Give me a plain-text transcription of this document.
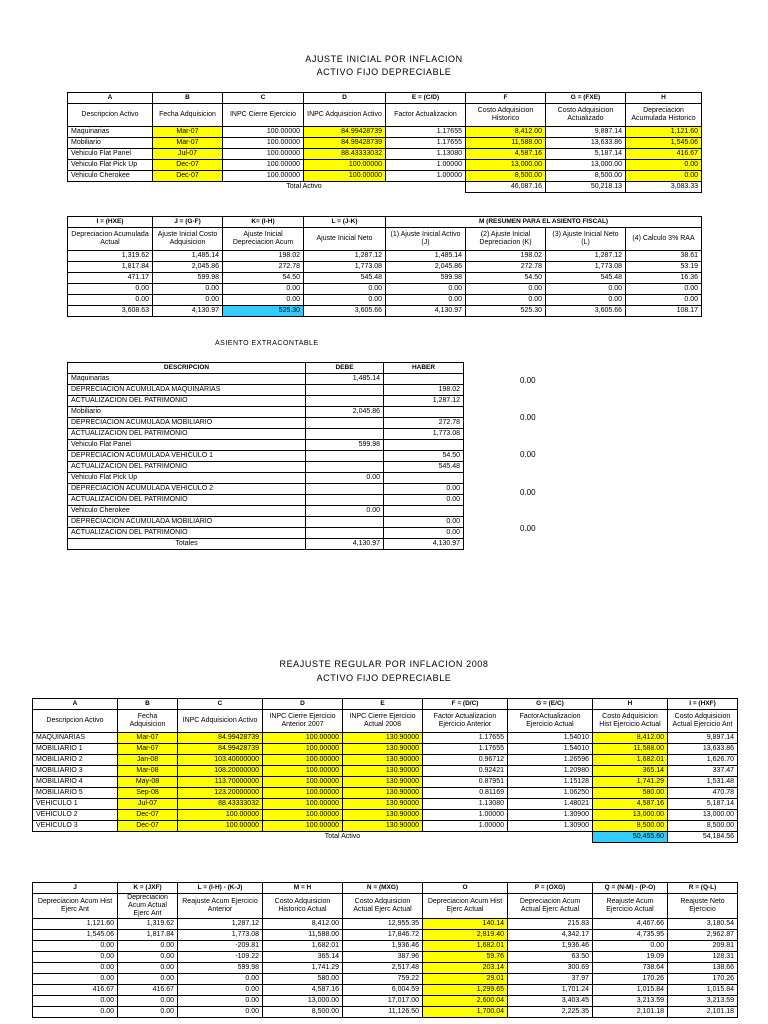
AJUSTE INICIAL POR INFLACION
ACTIVO FIJO DEPRECIABLE
A	B	C	D	E = (C/D)	F	G = (FXE)	H
Descripcion Activo	Fecha Adquisicion	INPC Cierre Ejercicio	INPC Adquisicion Activo	Factor Actualizacion	Costo Adquisicion Historico	Costo Adquisicion Actualizado	Depreciacion Acumulada Historico
Maquinarias	Mar-07	100.00000	84.99428739	1.17655	8,412.00	9,897.14	1,121.60
Mobiliario	Mar-07	100.00000	84.99428739	1.17655	11,588.00	13,633.86	1,545.06
Vehiculo Flat Panel	Jul-07	100.00000	88.43333032	1.13080	4,587.16	5,187.14	416.67
Vehiculo Flat Pick Up	Dec-07	100.00000	100.00000	1.00000	13,000.00	13,000.00	0.00
Vehiculo Cherokee	Dec-07	100.00000	100.00000	1.00000	8,500.00	8,500.00	0.00
		Total Activo			46,087.16	50,218.13	3,083.33
I = (HXE)	J = (G-F)	K= (I-H)	L = (J-K)	M (RESUMEN PARA EL ASIENTO FISCAL)			
Depreciacion Acumulada Actual	Ajuste Inicial Costo Adquisicion	Ajuste Inicial Depreciacion Acum	Ajuste Inicial Neto	(1) Ajuste Inicial Activo (J)	(2) Ajuste Inicial Depreciacion (K)	(3) Ajuste Inicial Neto (L)	(4) Calculo 3% RAA
1,319.62	1,485.14	198.02	1,287.12	1,485.14	198.02	1,287.12	38.61
1,817.84	2,045.86	272.78	1,773.08	2,045.86	272.78	1,773.08	53.19
471.17	599.98	54.50	545.48	599.98	54.50	545.48	16.36
0.00	0.00	0.00	0.00	0.00	0.00	0.00	0.00
0.00	0.00	0.00	0.00	0.00	0.00	0.00	0.00
3,608.63	4,130.97	525.30	3,605.66	4,130.97	525.30	3,605.66	108.17
ASIENTO EXTRACONTABLE
DESCRIPCION	DEBE	HABER
Maquinarias	1,485.14	
DEPRECIACION ACUMULADA MAQUINARIAS		198.02
ACTUALIZACION DEL PATRIMONIO		1,287.12
Mobiliario	2,045.86	
DEPRECIACION ACUMULADA MOBILIARIO		272.78
ACTUALIZACION DEL PATRIMONIO		1,773.08
Vehiculo Flat Panel	599.98	
DEPRECIACION ACUMULADA VEHICULO 1		54.50
ACTUALIZACION DEL PATRIMONIO		545.48
Vehiculo Flat Pick Up	0.00	
DEPRECIACION ACUMULADA VEHICULO 2		0.00
ACTUALIZACION DEL PATRIMONIO		0.00
Vehiculo Cherokee	0.00	
DEPRECIACION ACUMULADA MOBILIARIO		0.00
ACTUALIZACION DEL PATRIMONIO		0.00
Totales	4,130.97	4,130.97
0.00
0.00
0.00
0.00
0.00
REAJUSTE REGULAR POR INFLACION 2008
ACTIVO FIJO DEPRECIABLE
A	B	C	D	E	F = (D/C)	G = (E/C)	H	I = (HXF)
Descripcion Activo	Fecha Adquisicion	INPC Adquisicion Activo	INPC Cierre Ejercicio Anterior 2007	INPC Cierre Ejercicio Actual 2008	Factor Actualizacion Ejercicio Anterior	FactorActualizacion Ejercicio Actual	Costo Adquisicion Hist Ejercicio Actual	Costo Adquisicion Actual Ejercicio Ant
MAQUINARIAS	Mar-07	84.99428739	100.00000	130.90000	1.17655	1.54010	8,412.00	9,897.14
MOBILIARIO 1	Mar-07	84.99428739	100.00000	130.90000	1.17655	1.54010	11,588.00	13,633.86
MOBILIARIO 2	Jan-08	103.40000000	100.00000	130.90000	0.96712	1.26596	1,682.01	1,626.70
MOBILIARIO 3	Mar-08	108.20000000	100.00000	130.90000	0.92421	1.20980	365.14	337.47
MOBILIARIO 4	May-08	113.70000000	100.00000	130.90000	0.87951	1.15128	1,741.29	1,531.48
MOBILIARIO 5	Sep-08	123.20000000	100.00000	130.90000	0.81169	1.06250	580.00	470.78
VEHICULO 1	Jul-07	88.43333032	100.00000	130.90000	1.13080	1.48021	4,587.16	5,187.14
VEHICULO 2	Dec-07	100.00000	100.00000	130.90000	1.00000	1.30900	13,000.00	13,000.00
VEHICULO 3	Dec-07	100.00000	100.00000	130.90000	1.00000	1.30900	8,500.00	8,500.00
			Total Activo				50,455.60	54,184.56
J	K = (JXF)	L = (I-H) - (K-J)	M = H	N = (MXG)	O	P = (OXG)	Q = (N-M) - (P-O)	R = (Q-L)
Depreciacion Acum Hist Ejerc Ant	Depreciacion Acum Actual Ejerc Ant	Reajuste Acum Ejercicio Anterior	Costo Adquisicion Historico Actual	Costo Adquisicion Actual Ejerc Actual	Depreciacion Acum Hist Ejerc Actual	Depreciacion Acum Actual Ejerc Actual	Reajuste Acum Ejercicio Actual	Reajuste Neto Ejercicio
1,121.60	1,319.62	1,287.12	8,412.00	12,955.35	140.14	215.83	4,467.66	3,180.54
1,545.06	1,817.84	1,773.08	11,588.00	17,846.72	2,819.40	4,342.17	4,735.95	2,962.87
0.00	0.00	-209.81	1,682.01	1,936.46	1,682.01	1,936.46	0.00	209.81
0.00	0.00	-109.22	365.14	387.96	59.76	63.50	19.09	128.31
0.00	0.00	599.98	1,741.29	2,517.48	203.14	300.69	738.64	138.66
0.00	0.00	0.00	580.00	759.22	29.01	37.97	170.26	170.26
416.67	416.67	0.00	4,587.16	6,004.59	1,299.65	1,701.24	1,015.84	1,015.84
0.00	0.00	0.00	13,000.00	17,017.00	2,600.04	3,403.45	3,213.59	3,213.59
0.00	0.00	0.00	8,500.00	11,126.50	1,700.04	2,225.35	2,101.18	2,101.18
